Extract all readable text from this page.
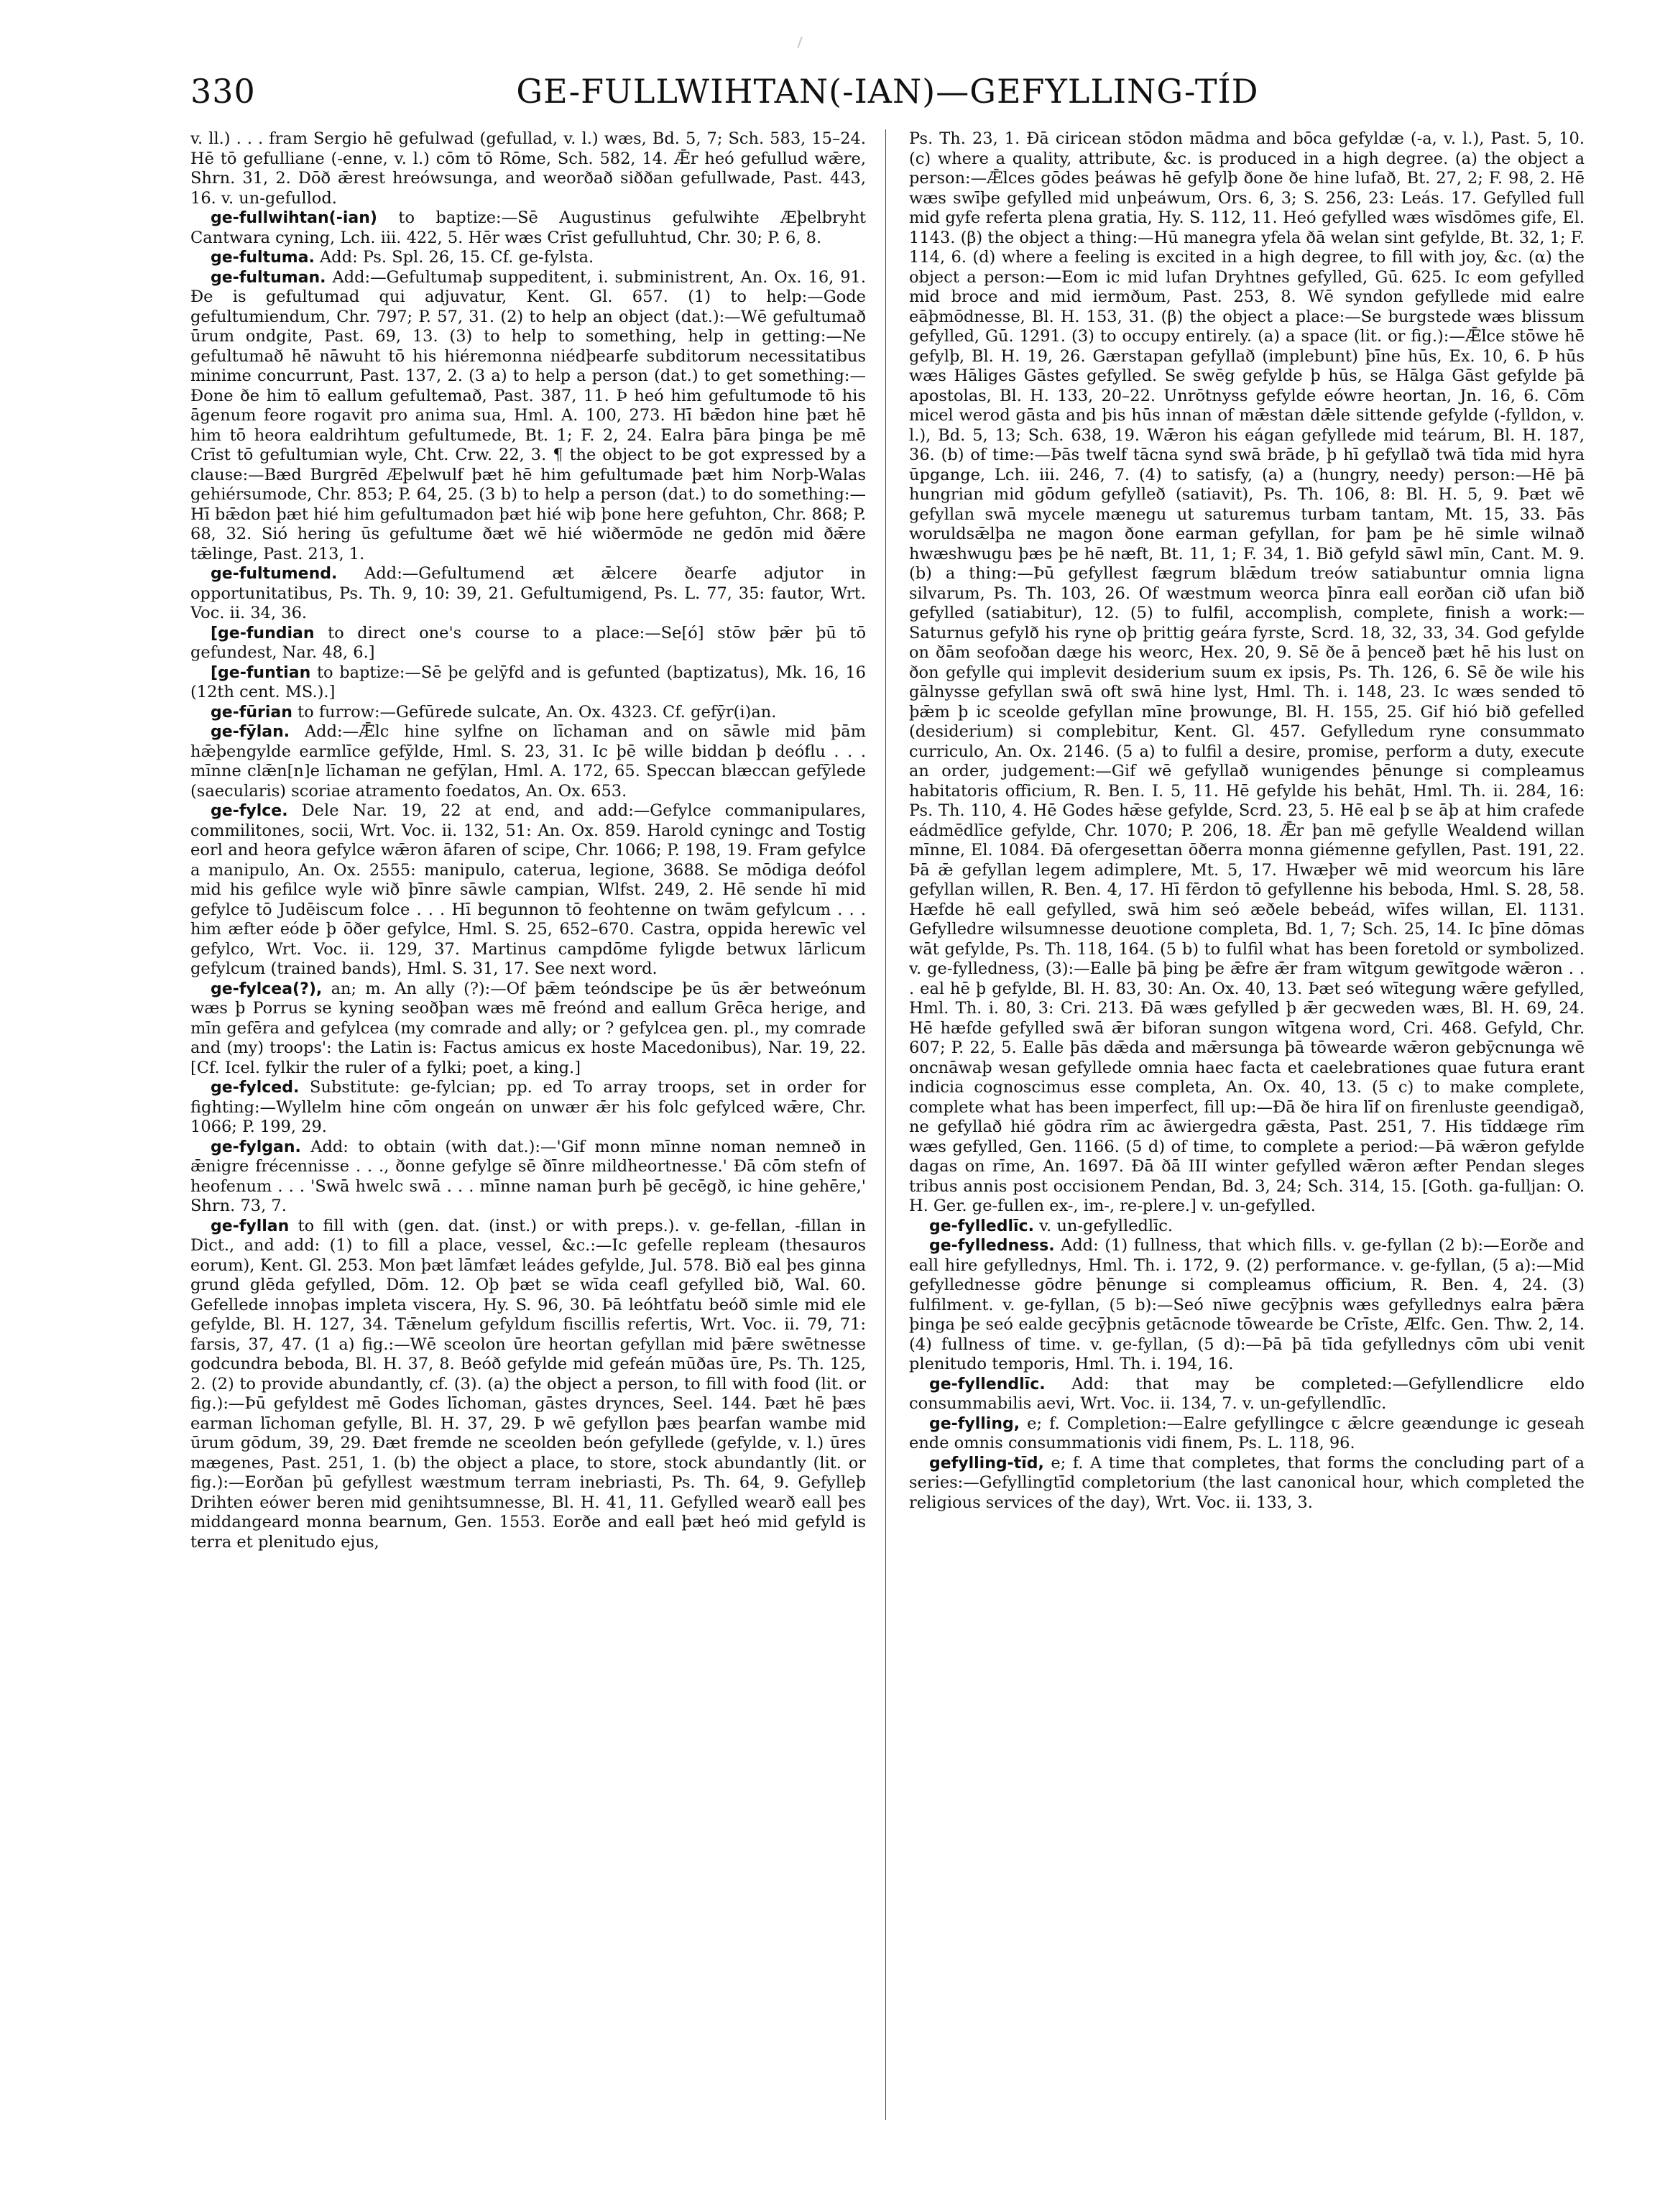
330	GE-FULLWIHTAN(-IAN)—GEFYLLING-TÍD

v. ll.) . . . fram Sergio hē gefulwad (gefullad, v. l.) wæs, Bd. 5, 7; Sch. 583, 15–24. Hē tō gefulliane (-enne, v. l.) cōm tō Rōme, Sch. 582, 14. Ǣr heó gefullud wǣre, Shrn. 31, 2. Dōð ǣrest hreówsunga, and weorðað siððan gefullwade, Past. 443, 16. v. un-gefullod.

ge-fullwihtan(-ian) to baptize:—Sē Augustinus gefulwihte Æþelbryht Cantwara cyning, Lch. iii. 422, 5. Hēr wæs Crīst gefulluhtud, Chr. 30; P. 6, 8.

ge-fultuma. Add: Ps. Spl. 26, 15. Cf. ge-fylsta.

ge-fultuman. Add:—Gefultumaþ suppeditent, i. subministrent, An. Ox. 16, 91. Ðe is gefultumad qui adjuvatur, Kent. Gl. 657. (1) to help:—Gode gefultumiendum, Chr. 797; P. 57, 31. (2) to help an object (dat.):—Wē gefultumað ūrum ondgite, Past. 69, 13. (3) to help to something, help in getting:—Ne gefultumað hē nāwuht tō his hiéremonna niédþearfe subditorum necessitatibus minime concurrunt, Past. 137, 2. (3 a) to help a person (dat.) to get something:—Ðone ðe him tō eallum gefultemað, Past. 387, 11. Þ heó him gefultumode tō his āgenum feore rogavit pro anima sua, Hml. A. 100, 273. Hī bǣdon hine þæt hē him tō heora ealdrihtum gefultumede, Bt. 1; F. 2, 24. Ealra þāra þinga þe mē Crīst tō gefultumian wyle, Cht. Crw. 22, 3. ¶ the object to be got expressed by a clause:—Bæd Burgrēd Æþelwulf þæt hē him gefultumade þæt him Norþ-Walas gehiérsumode, Chr. 853; P. 64, 25. (3 b) to help a person (dat.) to do something:—Hī bǣdon þæt hié him gefultumadon þæt hié wiþ þone here gefuhton, Chr. 868; P. 68, 32. Sió hering ūs gefultume ðæt wē hié wiðermōde ne gedōn mid ðǣre tǣlinge, Past. 213, 1.

ge-fultumend. Add:—Gefultumend æt ǣlcere ðearfe adjutor in opportunitatibus, Ps. Th. 9, 10: 39, 21. Gefultumigend, Ps. L. 77, 35: fautor, Wrt. Voc. ii. 34, 36.

[ge-fundian to direct one's course to a place:—Se[ó] stōw þǣr þū tō gefundest, Nar. 48, 6.]

[ge-funtian to baptize:—Sē þe gelȳfd and is gefunted (baptizatus), Mk. 16, 16 (12th cent. MS.).]

ge-fūrian to furrow:—Gefūrede sulcate, An. Ox. 4323. Cf. gefȳr(i)an.

ge-fȳlan. Add:—Ǣlc hine sylfne on līchaman and on sāwle mid þām hǣþengylde earmlīce gefȳlde, Hml. S. 23, 31. Ic þē wille biddan þ deóflu . . . mīnne clǣn[n]e līchaman ne gefȳlan, Hml. A. 172, 65. Speccan blæccan gefȳlede (saecularis) scoriae atramento foedatos, An. Ox. 653.

ge-fylce. Dele Nar. 19, 22 at end, and add:—Gefylce commanipulares, commilitones, socii, Wrt. Voc. ii. 132, 51: An. Ox. 859. Harold cyningc and Tostig eorl and heora gefylce wǣron āfaren of scipe, Chr. 1066; P. 198, 19. Fram gefylce a manipulo, An. Ox. 2555: manipulo, caterua, legione, 3688. Se mōdiga deófol mid his gefilce wyle wið þīnre sāwle campian, Wlfst. 249, 2. Hē sende hī mid gefylce tō Judēiscum folce . . . Hī begunnon tō feohtenne on twām gefylcum . . . him æfter eóde þ ōðer gefylce, Hml. S. 25, 652–670. Castra, oppida herewīc vel gefylco, Wrt. Voc. ii. 129, 37. Martinus campdōme fyligde betwux lārlicum gefylcum (trained bands), Hml. S. 31, 17. See next word.

ge-fylcea(?), an; m. An ally (?):—Of þǣm teóndscipe þe ūs ǣr betweónum wæs þ Porrus se kyning seoðþan wæs mē freónd and eallum Grēca herige, and mīn gefēra and gefylcea (my comrade and ally; or ? gefylcea gen. pl., my comrade and (my) troops': the Latin is: Factus amicus ex hoste Macedonibus), Nar. 19, 22. [Cf. Icel. fylkir the ruler of a fylki; poet, a king.]

ge-fylced. Substitute: ge-fylcian; pp. ed To array troops, set in order for fighting:—Wyllelm hine cōm ongeán on unwær ǣr his folc gefylced wǣre, Chr. 1066; P. 199, 29.

ge-fylgan. Add: to obtain (with dat.):—'Gif monn mīnne noman nemneð in ǣnigre frécennisse . . ., ðonne gefylge sē ðīnre mildheortnesse.' Ðā cōm stefn of heofenum . . . 'Swā hwelc swā . . . mīnne naman þurh þē gecēgð, ic hine gehēre,' Shrn. 73, 7.

ge-fyllan to fill with (gen. dat. (inst.) or with preps.). v. ge-fellan, -fillan in Dict., and add: (1) to fill a place, vessel, &c.:—Ic gefelle repleam (thesauros eorum), Kent. Gl. 253. Mon þæt lāmfæt leádes gefylde, Jul. 578. Bið eal þes ginna grund glēda gefylled, Dōm. 12. Oþ þæt se wīda ceafl gefylled bið, Wal. 60. Gefellede innoþas impleta viscera, Hy. S. 96, 30. Þā leóhtfatu beóð simle mid ele gefylde, Bl. H. 127, 34. Tǣnelum gefyldum fiscillis refertis, Wrt. Voc. ii. 79, 71: farsis, 37, 47. (1 a) fig.:—Wē sceolon ūre heortan gefyllan mid þǣre swētnesse godcundra beboda, Bl. H. 37, 8. Beóð gefylde mid gefeán mūðas ūre, Ps. Th. 125, 2. (2) to provide abundantly, cf. (3). (a) the object a person, to fill with food (lit. or fig.):—Þū gefyldest mē Godes līchoman, gāstes drynces, Seel. 144. Þæt hē þæs earman līchoman gefylle, Bl. H. 37, 29. Þ wē gefyllon þæs þearfan wambe mid ūrum gōdum, 39, 29. Ðæt fremde ne sceolden beón gefyllede (gefylde, v. l.) ūres mægenes, Past. 251, 1. (b) the object a place, to store, stock abundantly (lit. or fig.):—Eorðan þū gefyllest wæstmum terram inebriasti, Ps. Th. 64, 9. Gefylleþ Drihten eówer beren mid genihtsumnesse, Bl. H. 41, 11. Gefylled wearð eall þes middangeard monna bearnum, Gen. 1553. Eorðe and eall þæt heó mid gefyld is terra et plenitudo ejus,

Ps. Th. 23, 1. Ðā ciricean stōdon mādma and bōca gefyldæ (-a, v. l.), Past. 5, 10. (c) where a quality, attribute, &c. is produced in a high degree. (a) the object a person:—Ǣlces gōdes þeáwas hē gefylþ ðone ðe hine lufað, Bt. 27, 2; F. 98, 2. Hē wæs swīþe gefylled mid unþeáwum, Ors. 6, 3; S. 256, 23: Leás. 17. Gefylled full mid gyfe referta plena gratia, Hy. S. 112, 11. Heó gefylled wæs wīsdōmes gife, El. 1143. (β) the object a thing:—Hū manegra yfela ðā welan sint gefylde, Bt. 32, 1; F. 114, 6. (d) where a feeling is excited in a high degree, to fill with joy, &c. (α) the object a person:—Eom ic mid lufan Dryhtnes gefylled, Gū. 625. Ic eom gefylled mid broce and mid iermðum, Past. 253, 8. Wē syndon gefyllede mid ealre eāþmōdnesse, Bl. H. 153, 31. (β) the object a place:—Se burgstede wæs blissum gefylled, Gū. 1291. (3) to occupy entirely. (a) a space (lit. or fig.):—Ǣlce stōwe hē gefylþ, Bl. H. 19, 26. Gærstapan gefyllað (implebunt) þīne hūs, Ex. 10, 6. Þ hūs wæs Hāliges Gāstes gefylled. Se swēg gefylde þ hūs, se Hālga Gāst gefylde þā apostolas, Bl. H. 133, 20–22. Unrōtnyss gefylde eówre heortan, Jn. 16, 6. Cōm micel werod gāsta and þis hūs innan of mǣstan dǣle sittende gefylde (-fylldon, v. l.), Bd. 5, 13; Sch. 638, 19. Wǣron his eágan gefyllede mid teárum, Bl. H. 187, 36. (b) of time:—Þās twelf tācna synd swā brāde, þ hī gefyllað twā tīda mid hyra ūpgange, Lch. iii. 246, 7. (4) to satisfy, (a) a (hungry, needy) person:—Hē þā hungrian mid gōdum gefylleð (satiavit), Ps. Th. 106, 8: Bl. H. 5, 9. Þæt wē gefyllan swā mycele mænegu ut saturemus turbam tantam, Mt. 15, 33. Þās woruldsǣlþa ne magon ðone earman gefyllan, for þam þe hē simle wilnað hwæshwugu þæs þe hē næft, Bt. 11, 1; F. 34, 1. Bið gefyld sāwl mīn, Cant. M. 9. (b) a thing:—Þū gefyllest fægrum blǣdum treów satiabuntur omnia ligna silvarum, Ps. Th. 103, 26. Of wæstmum weorca þīnra eall eorðan cið ufan bið gefylled (satiabitur), 12. (5) to fulfil, accomplish, complete, finish a work:—Saturnus gefylð his ryne oþ þrittig geára fyrste, Scrd. 18, 32, 33, 34. God gefylde on ðām seofoðan dæge his weorc, Hex. 20, 9. Sē ðe ā þenceð þæt hē his lust on ðon gefylle qui implevit desiderium suum ex ipsis, Ps. Th. 126, 6. Sē ðe wile his gālnysse gefyllan swā oft swā hine lyst, Hml. Th. i. 148, 23. Ic wæs sended tō þǣm þ ic sceolde gefyllan mīne þrowunge, Bl. H. 155, 25. Gif hió bið gefelled (desiderium) si complebitur, Kent. Gl. 457. Gefylledum ryne consummato curriculo, An. Ox. 2146. (5 a) to fulfil a desire, promise, perform a duty, execute an order, judgement:—Gif wē gefyllað wunigendes þēnunge si compleamus habitatoris officium, R. Ben. I. 5, 11. Hē gefylde his behāt, Hml. Th. ii. 284, 16: Ps. Th. 110, 4. Hē Godes hǣse gefylde, Scrd. 23, 5. Hē eal þ se āþ at him crafede eádmēdlīce gefylde, Chr. 1070; P. 206, 18. Ǣr þan mē gefylle Wealdend willan mīnne, El. 1084. Ðā ofergesettan ōðerra monna giémenne gefyllen, Past. 191, 22. Þā ǣ gefyllan legem adimplere, Mt. 5, 17. Hwæþer wē mid weorcum his lāre gefyllan willen, R. Ben. 4, 17. Hī fērdon tō gefyllenne his beboda, Hml. S. 28, 58. Hæfde hē eall gefylled, swā him seó æðele bebeád, wīfes willan, El. 1131. Gefylledre wilsumnesse deuotione completa, Bd. 1, 7; Sch. 25, 14. Ic þīne dōmas wāt gefylde, Ps. Th. 118, 164. (5 b) to fulfil what has been foretold or symbolized. v. ge-fylledness, (3):—Ealle þā þing þe ǣfre ǣr fram wītgum gewītgode wǣron . . . eal hē þ gefylde, Bl. H. 83, 30: An. Ox. 40, 13. Þæt seó wītegung wǣre gefylled, Hml. Th. i. 80, 3: Cri. 213. Ðā wæs gefylled þ ǣr gecweden wæs, Bl. H. 69, 24. Hē hæfde gefylled swā ǣr biforan sungon wītgena word, Cri. 468. Gefyld, Chr. 607; P. 22, 5. Ealle þās dǣda and mǣrsunga þā tōwearde wǣron gebȳcnunga wē oncnāwaþ wesan gefyllede omnia haec facta et caelebrationes quae futura erant indicia cognoscimus esse completa, An. Ox. 40, 13. (5 c) to make complete, complete what has been imperfect, fill up:—Ðā ðe hira līf on firenluste geendigað, ne gefyllað hié gōdra rīm ac āwiergedra gǣsta, Past. 251, 7. His tīddæge rīm wæs gefylled, Gen. 1166. (5 d) of time, to complete a period:—Þā wǣron gefylde dagas on rīme, An. 1697. Ðā ðā III winter gefylled wǣron æfter Pendan sleges tribus annis post occisionem Pendan, Bd. 3, 24; Sch. 314, 15. [Goth. ga-fulljan: O. H. Ger. ge-fullen ex-, im-, re-plere.] v. un-gefylled.

ge-fylledlīc. v. un-gefylledlīc.

ge-fylledness. Add: (1) fullness, that which fills. v. ge-fyllan (2 b):—Eorðe and eall hire gefyllednys, Hml. Th. i. 172, 9. (2) performance. v. ge-fyllan, (5 a):—Mid gefyllednesse gōdre þēnunge si compleamus officium, R. Ben. 4, 24. (3) fulfilment. v. ge-fyllan, (5 b):—Seó nīwe gecȳþnis wæs gefyllednys ealra þǣra þinga þe seó ealde gecȳþnis getācnode tōwearde be Crīste, Ælfc. Gen. Thw. 2, 14. (4) fullness of time. v. ge-fyllan, (5 d):—Þā þā tīda gefyllednys cōm ubi venit plenitudo temporis, Hml. Th. i. 194, 16.

ge-fyllendlīc. Add: that may be completed:—Gefyllendlicre eldo consummabilis aevi, Wrt. Voc. ii. 134, 7. v. un-gefyllendlīc.

ge-fylling, e; f. Completion:—Ealre gefyllingce ꞇ ǣlcre geændunge ic geseah ende omnis consummationis vidi finem, Ps. L. 118, 96.

gefylling-tīd, e; f. A time that completes, that forms the concluding part of a series:—Gefyllingtīd completorium (the last canonical hour, which completed the religious services of the day), Wrt. Voc. ii. 133, 3.
